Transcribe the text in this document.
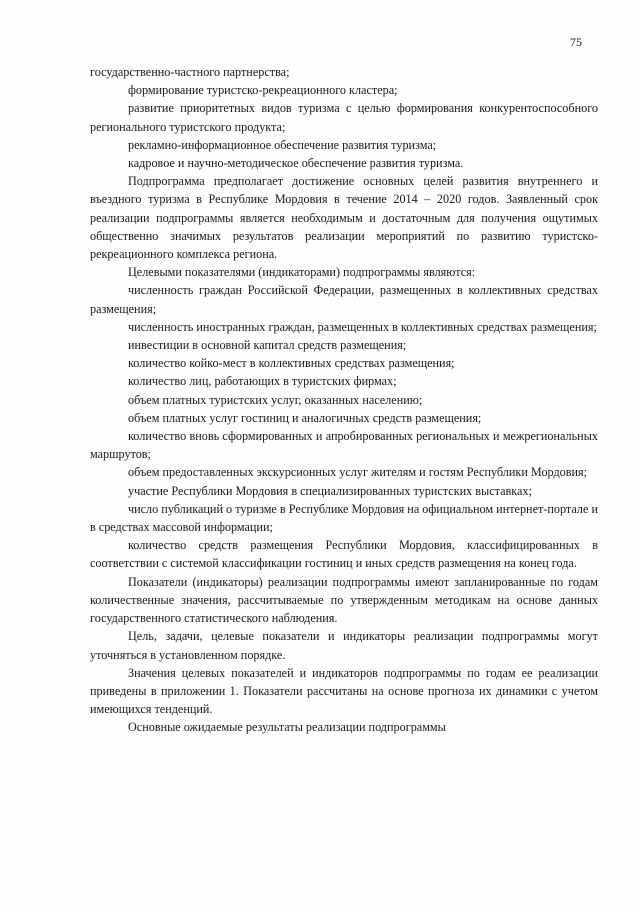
75

государственно-частного партнерства;

формирование туристско-рекреационного кластера;

развитие приоритетных видов туризма с целью формирования конкурентоспособного регионального туристского продукта;

рекламно-информационное обеспечение развития туризма;

кадровое и научно-методическое обеспечение развития туризма.

Подпрограмма предполагает достижение основных целей развития внутреннего и въездного туризма в Республике Мордовия в течение 2014 – 2020 годов. Заявленный срок реализации подпрограммы является необходимым и достаточным для получения ощутимых общественно значимых результатов реализации мероприятий по развитию туристско-рекреационного комплекса региона.

Целевыми показателями (индикаторами) подпрограммы являются:

численность граждан Российской Федерации, размещенных в коллективных средствах размещения;

численность иностранных граждан, размещенных в коллективных средствах размещения;

инвестиции в основной капитал средств размещения;

количество койко-мест в коллективных средствах размещения;

количество лиц, работающих в туристских фирмах;

объем платных туристских услуг, оказанных населению;

объем платных услуг гостиниц и аналогичных средств размещения;

количество вновь сформированных и апробированных региональных и межрегиональных маршрутов;

объем предоставленных экскурсионных услуг жителям и гостям Республики Мордовия;

участие Республики Мордовия в специализированных туристских выставках;

число публикаций о туризме в Республике Мордовия на официальном интернет-портале и в средствах массовой информации;

количество средств размещения Республики Мордовия, классифицированных в соответствии с системой классификации гостиниц и иных средств размещения на конец года.

Показатели (индикаторы) реализации подпрограммы имеют запланированные по годам количественные значения, рассчитываемые по утвержденным методикам на основе данных государственного статистического наблюдения.

Цель, задачи, целевые показатели и индикаторы реализации подпрограммы могут уточняться в установленном порядке.

Значения целевых показателей и индикаторов подпрограммы по годам ее реализации приведены в приложении 1. Показатели рассчитаны на основе прогноза их динамики с учетом имеющихся тенденций.

Основные ожидаемые результаты реализации подпрограммы
